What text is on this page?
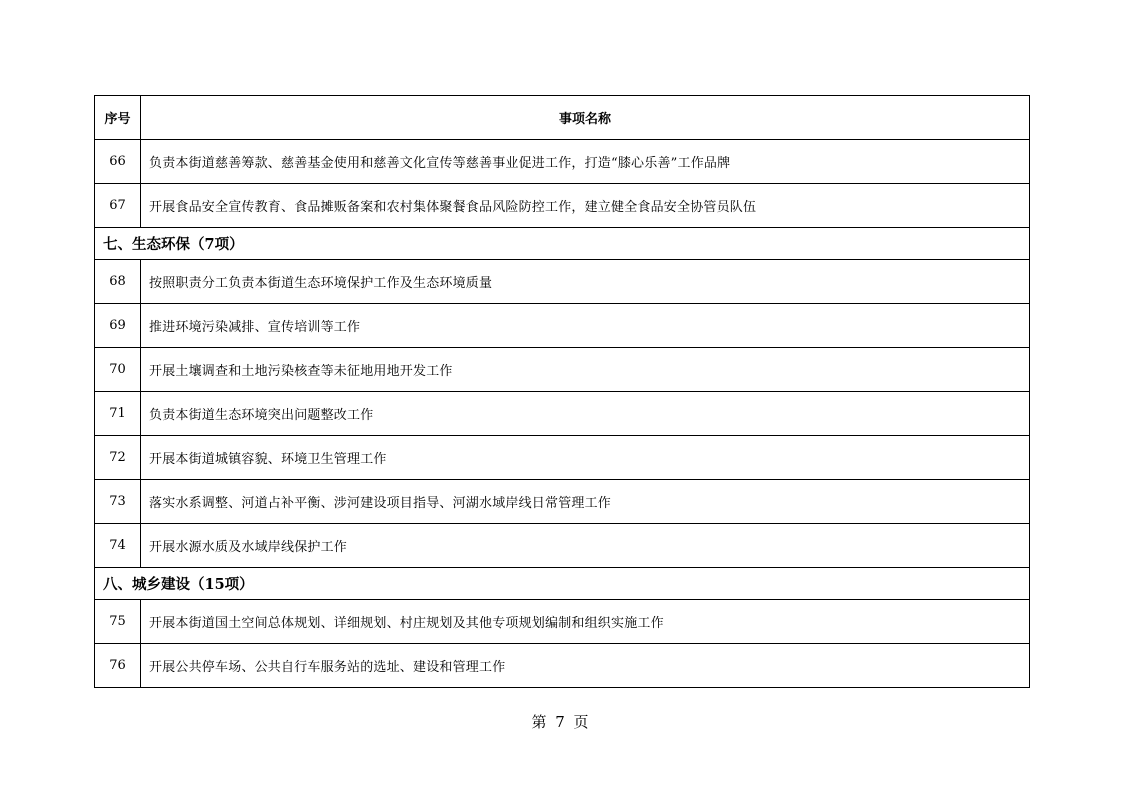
序号	事项名称
66	负责本街道慈善筹款、慈善基金使用和慈善文化宣传等慈善事业促进工作，打造“膝心乐善”工作品牌
67	开展食品安全宣传教育、食品摊贩备案和农村集体聚餐食品风险防控工作，建立健全食品安全协管员队伍
七、生态环保（7项）	
68	按照职责分工负责本街道生态环境保护工作及生态环境质量
69	推进环境污染减排、宣传培训等工作
70	开展土壤调查和土地污染核查等未征地用地开发工作
71	负责本街道生态环境突出问题整改工作
72	开展本街道城镇容貌、环境卫生管理工作
73	落实水系调整、河道占补平衡、涉河建设项目指导、河湖水域岸线日常管理工作
74	开展水源水质及水域岸线保护工作
八、城乡建设（15项）	
75	开展本街道国土空间总体规划、详细规划、村庄规划及其他专项规划编制和组织实施工作
76	开展公共停车场、公共自行车服务站的选址、建设和管理工作
第 7 页
